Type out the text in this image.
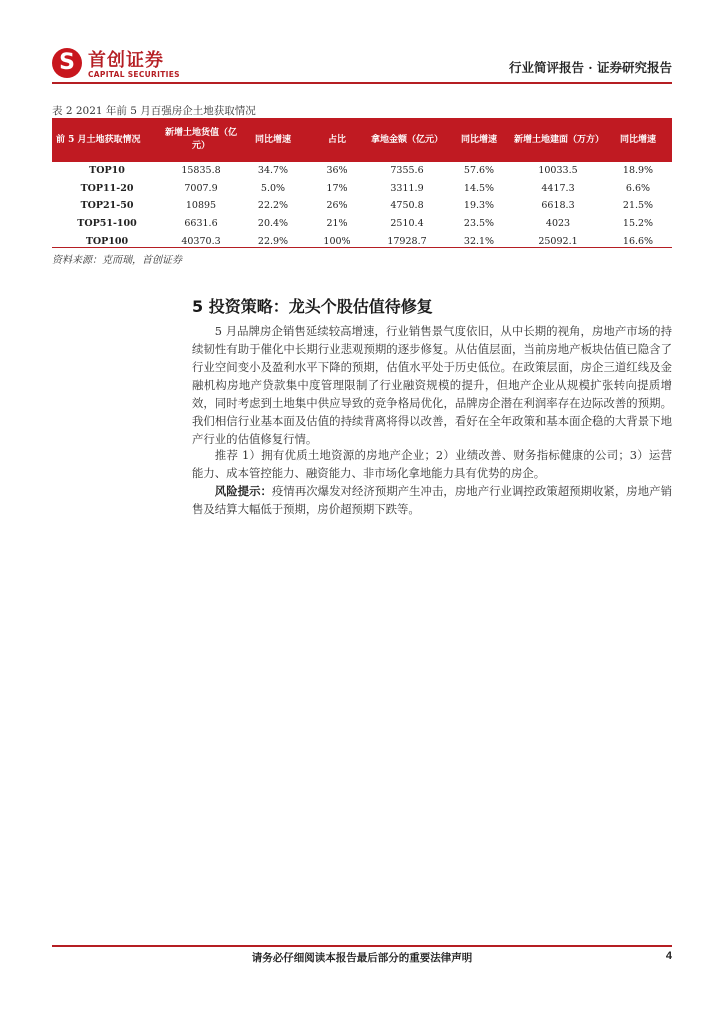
S 首创证券
CAPITAL SECURITIES	行业简评报告 · 证券研究报告
表 2 2021 年前 5 月百强房企土地获取情况
前 5 月土地获取情况	新增土地货值（亿元）	同比增速	占比	拿地金额（亿元）	同比增速	新增土地建面（万方）	同比增速
TOP10	15835.8	34.7%	36%	7355.6	57.6%	10033.5	18.9%
TOP11-20	7007.9	5.0%	17%	3311.9	14.5%	4417.3	6.6%
TOP21-50	10895	22.2%	26%	4750.8	19.3%	6618.3	21.5%
TOP51-100	6631.6	20.4%	21%	2510.4	23.5%	4023	15.2%
TOP100	40370.3	22.9%	100%	17928.7	32.1%	25092.1	16.6%
资料来源：克而瑞，首创证券
5 投资策略：龙头个股估值待修复

5 月品牌房企销售延续较高增速，行业销售景气度依旧，从中长期的视角，房地产市场的持续韧性有助于催化中长期行业悲观预期的逐步修复。从估值层面，当前房地产板块估值已隐含了行业空间变小及盈利水平下降的预期，估值水平处于历史低位。在政策层面，房企三道红线及金融机构房地产贷款集中度管理限制了行业融资规模的提升，但地产企业从规模扩张转向提质增效，同时考虑到土地集中供应导致的竞争格局优化，品牌房企潜在利润率存在边际改善的预期。我们相信行业基本面及估值的持续背离将得以改善，看好在全年政策和基本面企稳的大背景下地产行业的估值修复行情。

推荐 1）拥有优质土地资源的房地产企业；2）业绩改善、财务指标健康的公司；3）运营能力、成本管控能力、融资能力、非市场化拿地能力具有优势的房企。

风险提示：疫情再次爆发对经济预期产生冲击，房地产行业调控政策超预期收紧，房地产销售及结算大幅低于预期，房价超预期下跌等。

请务必仔细阅读本报告最后部分的重要法律声明	4
